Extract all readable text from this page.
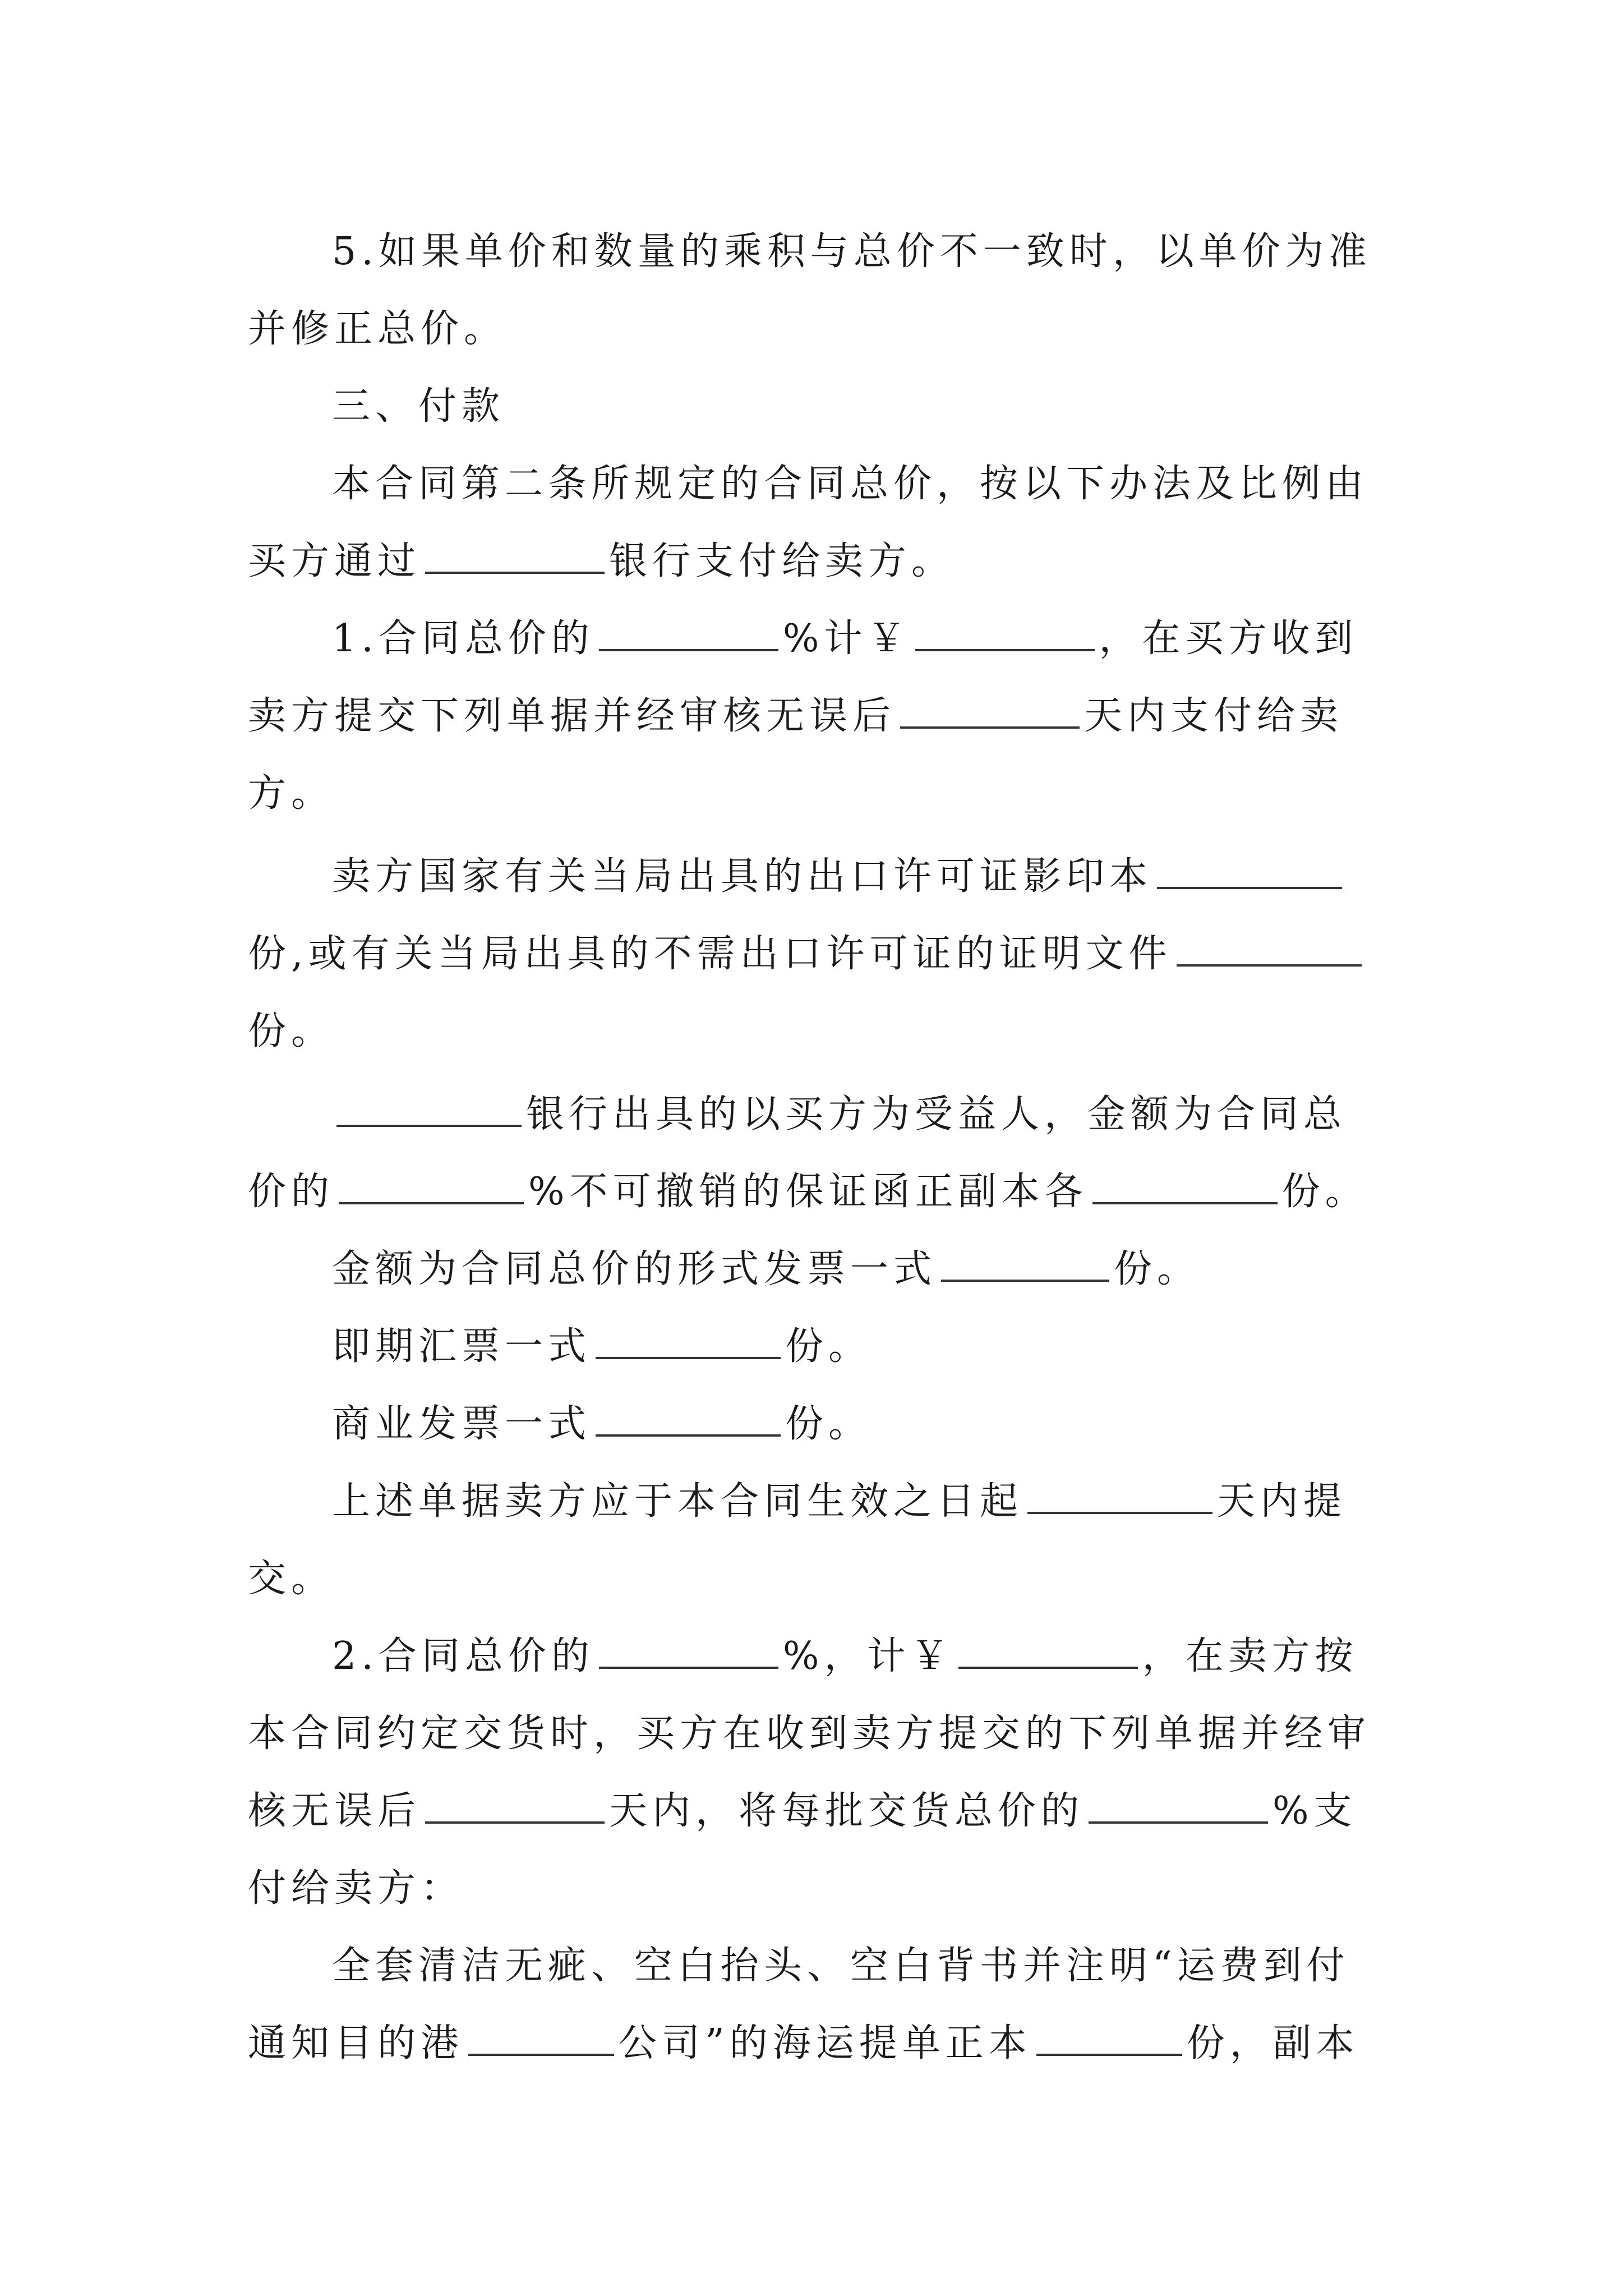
5.如果单价和数量的乘积与总价不一致时，以单价为准
并修正总价。
三、付款
本合同第二条所规定的合同总价，按以下办法及比例由
买方通过	银行支付给卖方。
1.合同总价的	%计￥	，在买方收到
卖方提交下列单据并经审核无误后	天内支付给卖
方。
卖方国家有关当局出具的出口许可证影印本
份,或有关当局出具的不需出口许可证的证明文件
份。
银行出具的以买方为受益人，金额为合同总
价的	%不可撤销的保证函正副本各	份。
金额为合同总价的形式发票一式	份。
即期汇票一式	份。
商业发票一式	份。
上述单据卖方应于本合同生效之日起	天内提
交。
2.合同总价的	%，计￥	，在卖方按
本合同约定交货时，买方在收到卖方提交的下列单据并经审
核无误后	天内，将每批交货总价的	%支
付给卖方：
全套清洁无疵、空白抬头、空白背书并注明“运费到付
通知目的港	公司”的海运提单正本	份，副本
